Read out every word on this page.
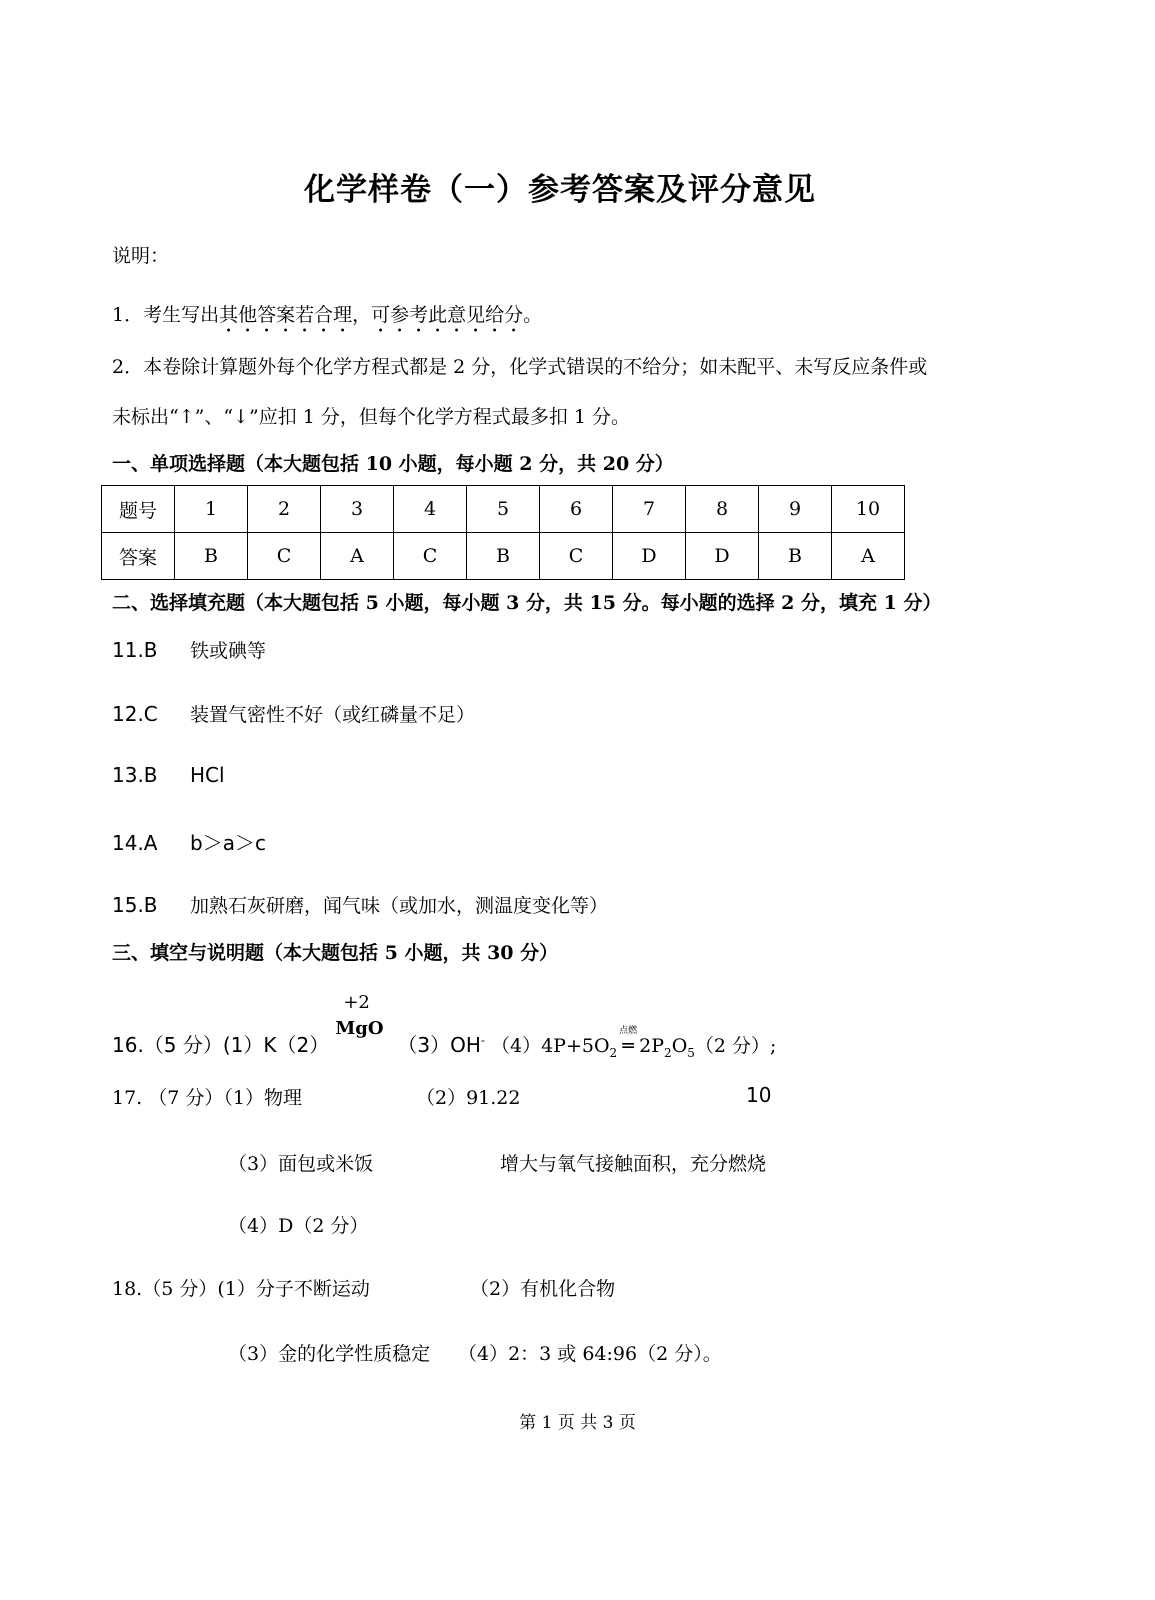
化学样卷（一）参考答案及评分意见
说明：
1．考生写出其他答案若合理，可参考此意见给分。
2．本卷除计算题外每个化学方程式都是 2 分，化学式错误的不给分；如未配平、未写反应条件或
未标出“↑”、“↓”应扣 1 分，但每个化学方程式最多扣 1 分。
一、单项选择题（本大题包括 10 小题，每小题 2 分，共 20 分）
题号	1	2	3	4	5	6	7	8	9	10
答案	B	C	A	C	B	C	D	D	B	A
二、选择填充题（本大题包括 5 小题，每小题 3 分，共 15 分。每小题的选择 2 分，填充 1 分）
11.B 铁或碘等
12.C 装置气密性不好（或红磷量不足）
13.B HCl
14.A b＞a＞c
15.B 加熟石灰研磨，闻气味（或加水，测温度变化等）
三、填空与说明题（本大题包括 5 小题，共 30 分）
16.（5 分）(1）K（2）
+2
MgO
（3）OH- $(4)4P+5O_2$
点燃
═ $2P_2O_5(2$ 分）;
17. （7 分）（1）物理	（2）91.22	10
（3）面包或米饭	增大与氧气接触面积，充分燃烧
（4）D（2 分）
18.（5 分）(1）分子不断运动	（2）有机化合物
（3）金的化学性质稳定 （4）2：3 或 64:96（2 分）。
第 1 页 共 3 页
